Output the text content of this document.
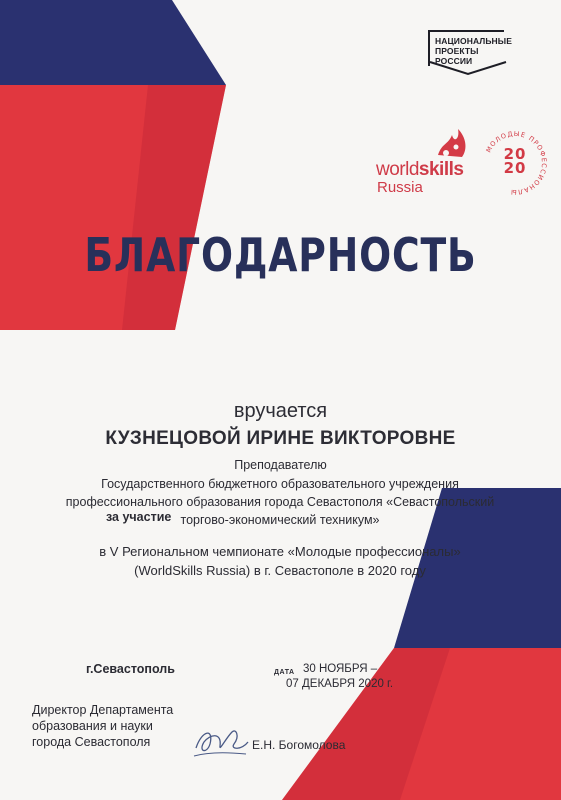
НАЦИОНАЛЬНЫЕ
ПРОЕКТЫ
РОССИИ
worldskills
Russia
МОЛОДЫЕ ПРОФЕССИОНАЛЫ
20
20
БЛАГОДАРНОСТЬ
вручается
КУЗНЕЦОВОЙ ИРИНЕ ВИКТОРОВНЕ
Преподавателю
Государственного бюджетного образовательного учреждения
профессионального образования города Севастополя «Севастопольский
торгово-экономический техникум»
за участие
в V Региональном чемпионате «Молодые профессионалы»
(WorldSkills Russia) в г. Севастополе в 2020 году
г.Севастополь	ДАТА 30 НОЯБРЯ –
07 ДЕКАБРЯ 2020 г.
Директор Департамента
образования и науки
города Севастополя	Е.Н. Богомолова
